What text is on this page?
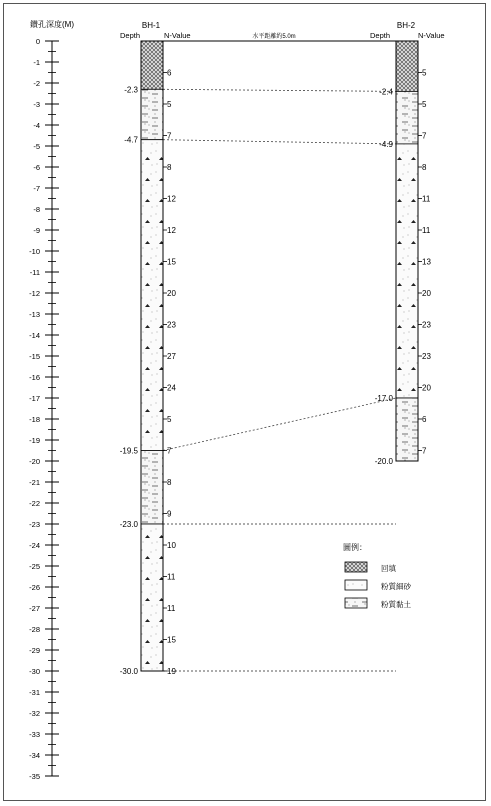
鑽孔深度(M)
0
-1
-2
-3
-4
-5
-6
-7
-8
-9
-10
-11
-12
-13
-14
-15
-16
-17
-18
-19
-20
-21
-22
-23
-24
-25
-26
-27
-28
-29
-30
-31
-32
-33
-34
-35
BH-1
Depth	N-Value	水平距離約5.0m
BH-2
Depth	N-Value
-2.3
-4.7
-19.5
-23.0
-30.0
6
5
7
8
12
12
15
20
23
27
24
5
7
8
9
10
11
11
15
19
-2.4
-4.9
-17.0
-20.0
5
5
7
8
11
11
13
20
23
23
20
6
7
圖例：
回填
粉質細砂
粉質黏土
